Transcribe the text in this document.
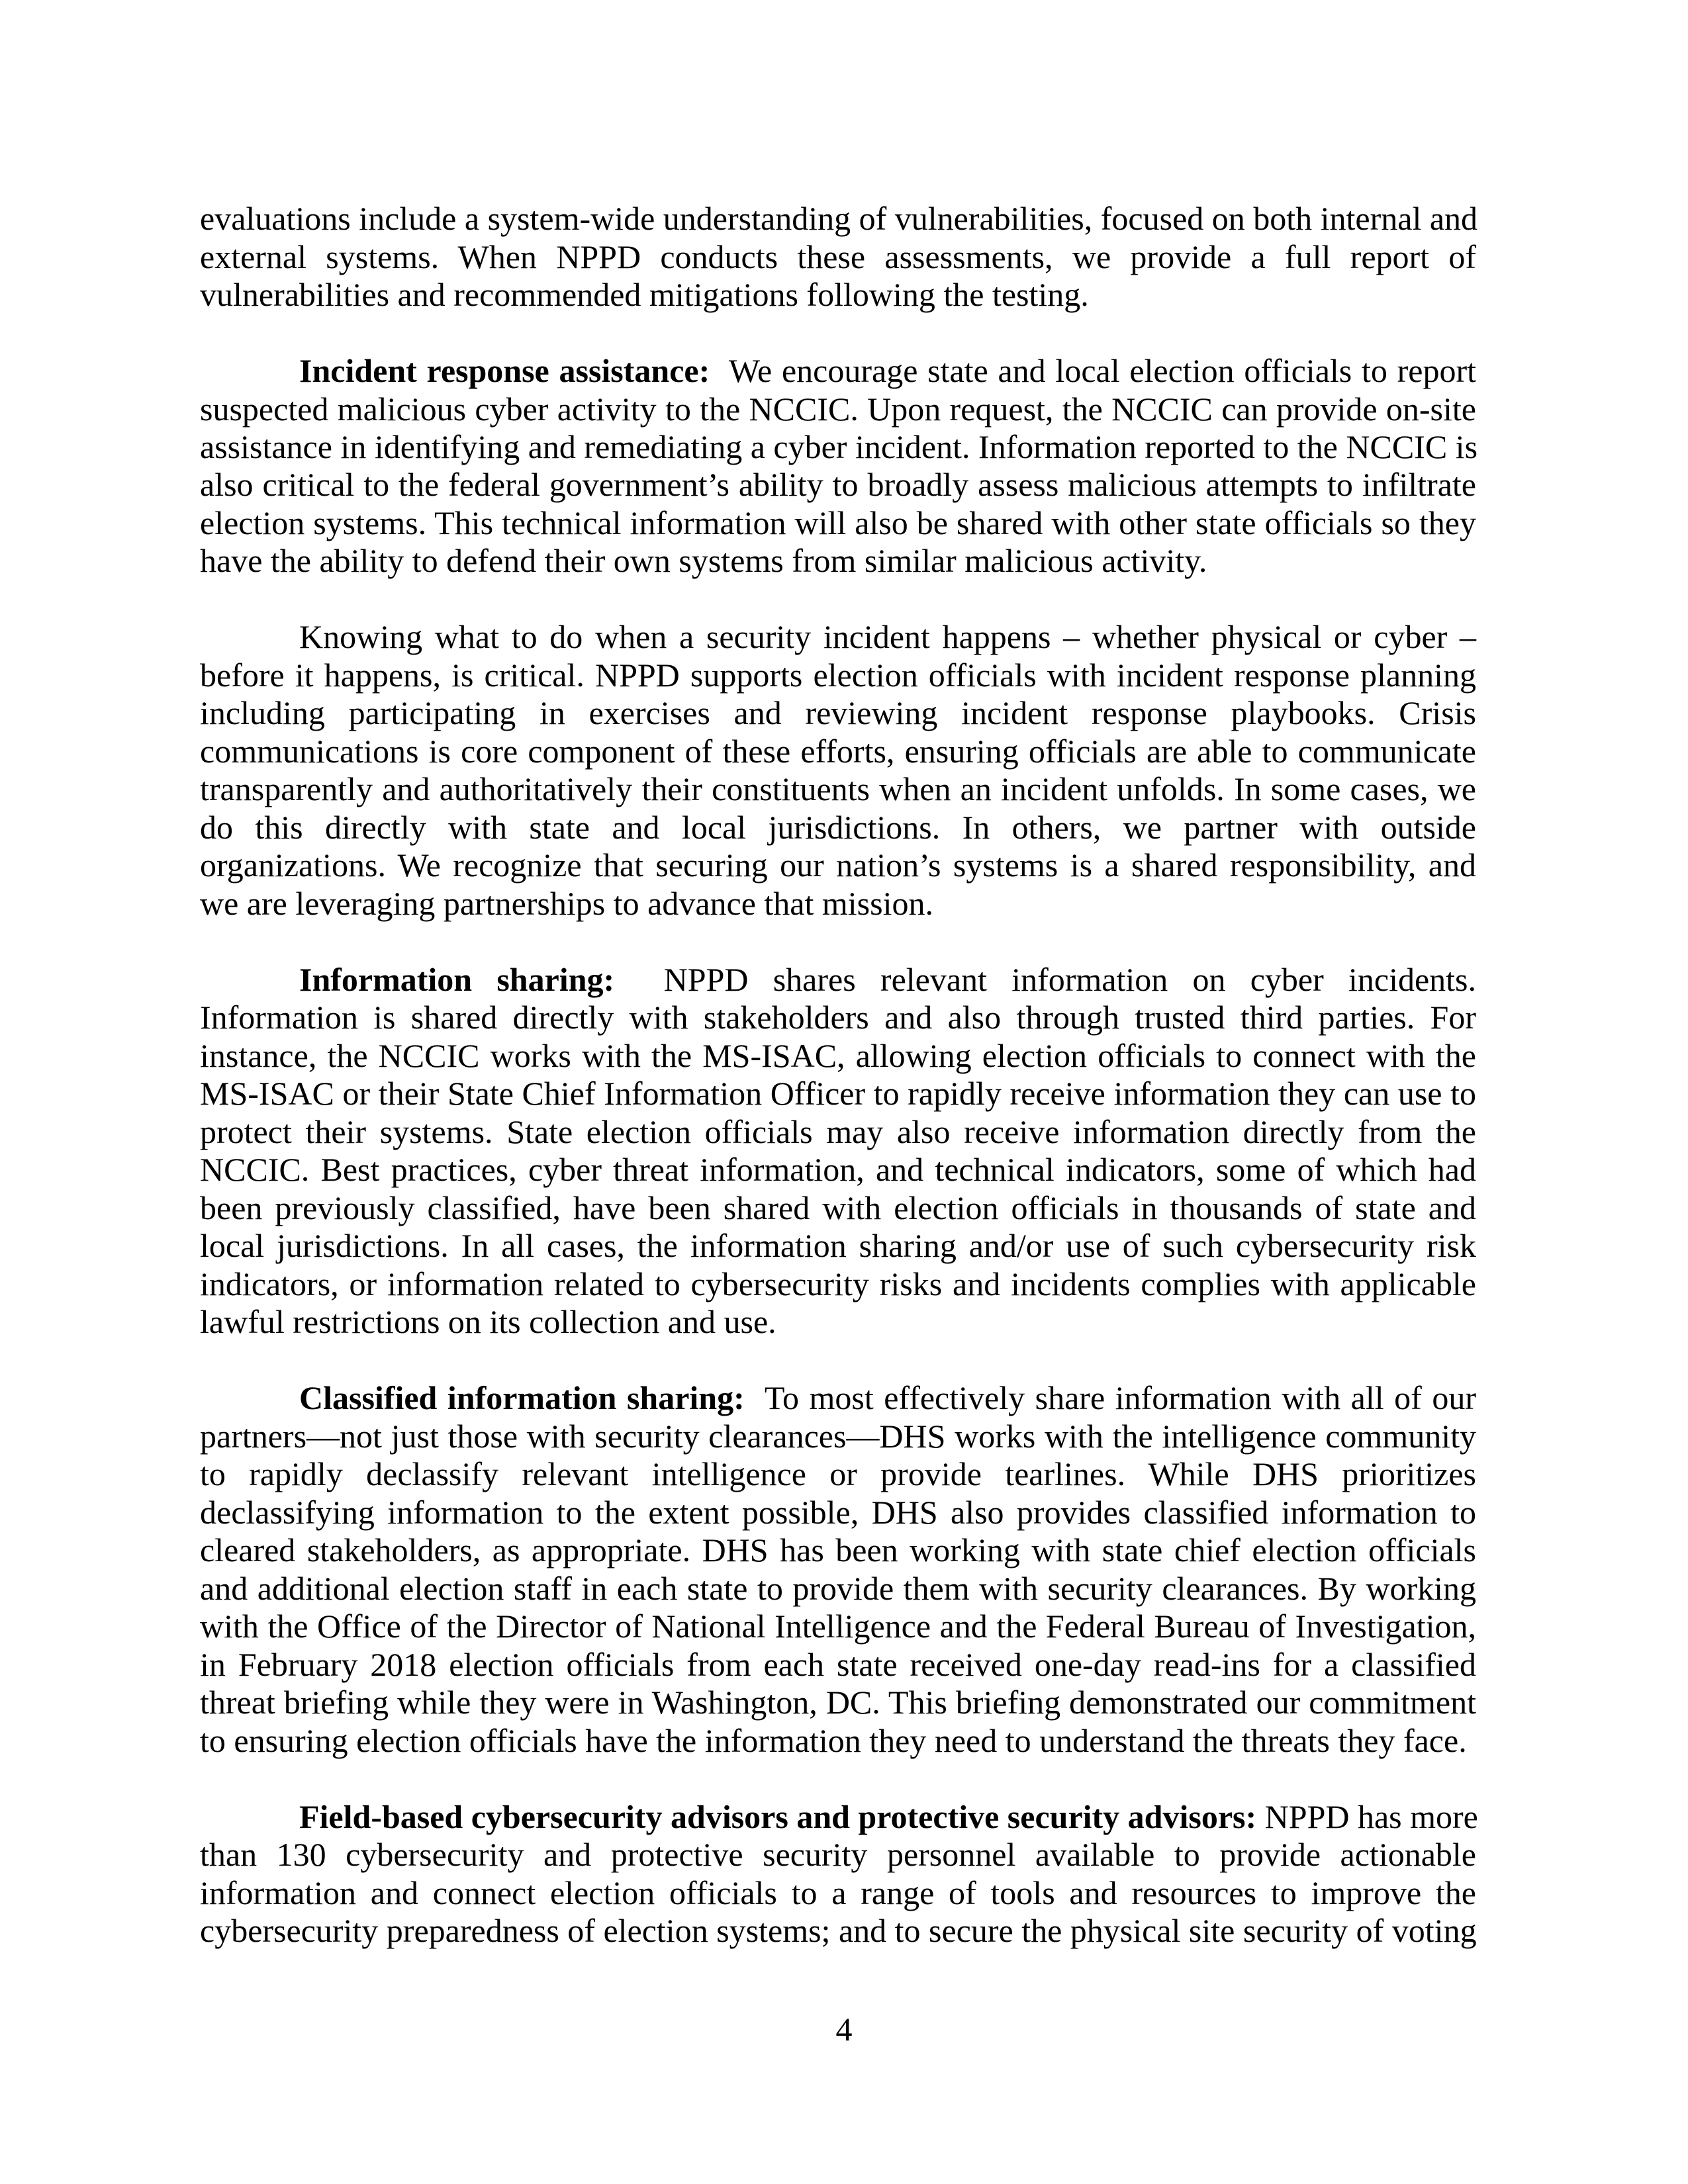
evaluations include a system-wide understanding of vulnerabilities, focused on both internal and
external systems. When NPPD conducts these assessments, we provide a full report of
vulnerabilities and recommended mitigations following the testing.
Incident response assistance:  We encourage state and local election officials to report
suspected malicious cyber activity to the NCCIC. Upon request, the NCCIC can provide on-site
assistance in identifying and remediating a cyber incident. Information reported to the NCCIC is
also critical to the federal government’s ability to broadly assess malicious attempts to infiltrate
election systems. This technical information will also be shared with other state officials so they
have the ability to defend their own systems from similar malicious activity.
Knowing what to do when a security incident happens – whether physical or cyber –
before it happens, is critical. NPPD supports election officials with incident response planning
including participating in exercises and reviewing incident response playbooks. Crisis
communications is core component of these efforts, ensuring officials are able to communicate
transparently and authoritatively their constituents when an incident unfolds. In some cases, we
do this directly with state and local jurisdictions. In others, we partner with outside
organizations. We recognize that securing our nation’s systems is a shared responsibility, and
we are leveraging partnerships to advance that mission.
Information sharing:  NPPD shares relevant information on cyber incidents.
Information is shared directly with stakeholders and also through trusted third parties. For
instance, the NCCIC works with the MS-ISAC, allowing election officials to connect with the
MS-ISAC or their State Chief Information Officer to rapidly receive information they can use to
protect their systems. State election officials may also receive information directly from the
NCCIC. Best practices, cyber threat information, and technical indicators, some of which had
been previously classified, have been shared with election officials in thousands of state and
local jurisdictions. In all cases, the information sharing and/or use of such cybersecurity risk
indicators, or information related to cybersecurity risks and incidents complies with applicable
lawful restrictions on its collection and use.
Classified information sharing:  To most effectively share information with all of our
partners—not just those with security clearances—DHS works with the intelligence community
to rapidly declassify relevant intelligence or provide tearlines. While DHS prioritizes
declassifying information to the extent possible, DHS also provides classified information to
cleared stakeholders, as appropriate. DHS has been working with state chief election officials
and additional election staff in each state to provide them with security clearances. By working
with the Office of the Director of National Intelligence and the Federal Bureau of Investigation,
in February 2018 election officials from each state received one-day read-ins for a classified
threat briefing while they were in Washington, DC. This briefing demonstrated our commitment
to ensuring election officials have the information they need to understand the threats they face.
Field-based cybersecurity advisors and protective security advisors: NPPD has more
than 130 cybersecurity and protective security personnel available to provide actionable
information and connect election officials to a range of tools and resources to improve the
cybersecurity preparedness of election systems; and to secure the physical site security of voting
4
